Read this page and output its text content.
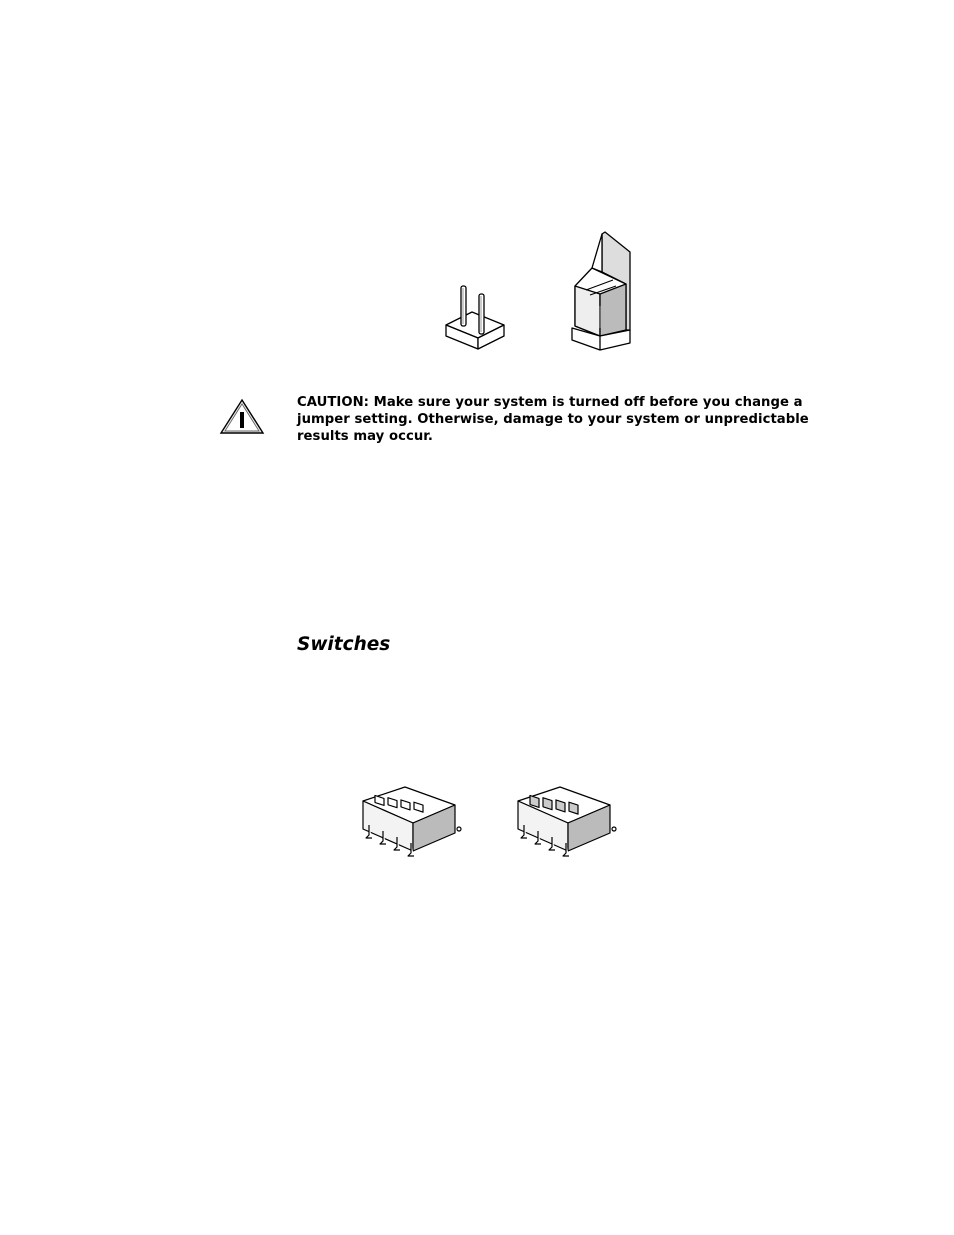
CAUTION: Make sure your system is turned off before you change a jumper setting. Otherwise, damage to your system or unpredictable results may occur.
Switches
